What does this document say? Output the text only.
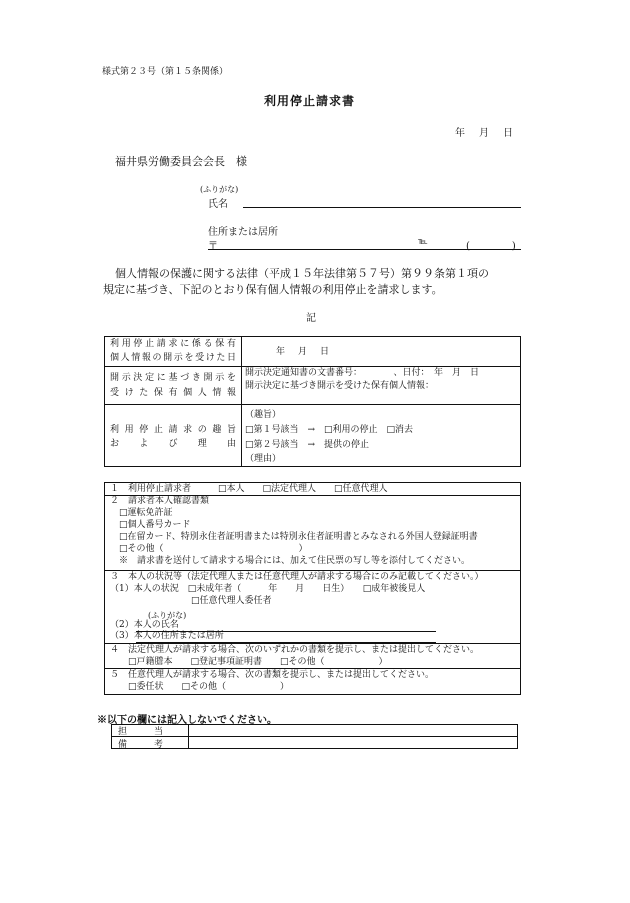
様式第２３号（第１５条関係）
利用停止請求書
年　月　日
福井県労働委員会会長　様
(ふりがな)
氏名
住所または居所
〒	℡	(　　　)
個人情報の保護に関する法律（平成１５年法律第５７号）第９９条第１項の
規定に基づき、下記のとおり保有個人情報の利用停止を請求します。
記
利用停止請求に係る保有
個人情報の開示を受けた日
年　月　日
開示決定に基づき開示を
受けた保有個人情報
開示決定通知書の文書番号：　　　　、日付：　年　月　日
開示決定に基づき開示を受けた保有個人情報：
利用停止請求の趣旨
および理由
（趣旨）
□第１号該当　→　□利用の停止　□消去
□第２号該当　→　提供の停止
（理由）
１　利用停止請求者　　　□本人　　□法定代理人　　□任意代理人
２　請求者本人確認書類
　□運転免許証
　□個人番号カード
　□在留カード、特別永住者証明書または特別永住者証明書とみなされる外国人登録証明書
　□その他（　　　　　　　　　　　　　　　）
　※　請求書を送付して請求する場合には、加えて住民票の写し等を添付してください。
３　本人の状況等（法定代理人または任意代理人が請求する場合にのみ記載してください。）
（1）本人の状況　□未成年者（　　　年　　月　　日生）　　□成年被後見人
　　　　　　　　　□任意代理人委任者
(ふりがな)
（2）本人の氏名
（3）本人の住所または居所
４　法定代理人が請求する場合、次のいずれかの書類を提示し、または提出してください。
　　□戸籍謄本　　□登記事項証明書　　□その他（　　　　　　）
５　任意代理人が請求する場合、次の書類を提示し、または提出してください。
　　□委任状　　□その他（　　　　　　）
※以下の欄には記入しないでください。
担　　　当
備　　　考
